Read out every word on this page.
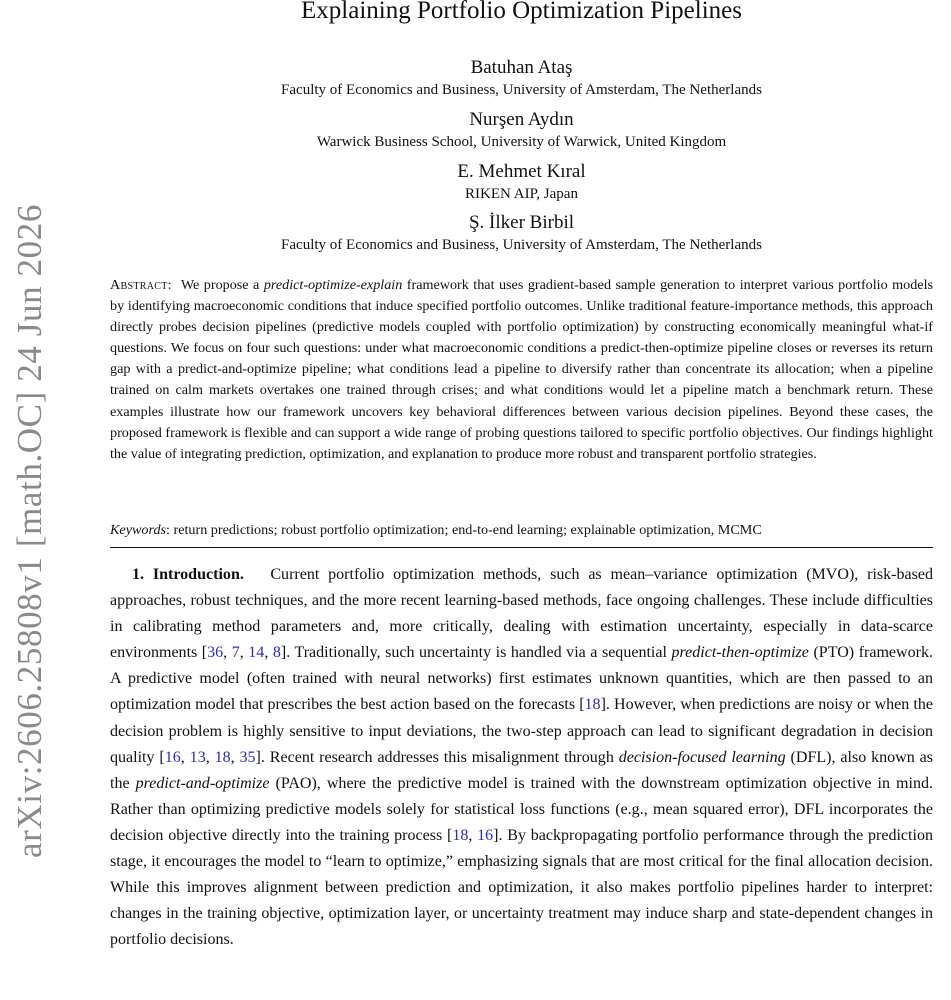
arXiv:2606.25808v1 [math.OC] 24 Jun 2026
Explaining Portfolio Optimization Pipelines
Batuhan Ataş
Faculty of Economics and Business, University of Amsterdam, The Netherlands
Nurşen Aydın
Warwick Business School, University of Warwick, United Kingdom
E. Mehmet Kıral
RIKEN AIP, Japan
Ş. İlker Birbil
Faculty of Economics and Business, University of Amsterdam, The Netherlands
Abstract: We propose a predict-optimize-explain framework that uses gradient-based sample generation to interpret various portfolio models by identifying macroeconomic conditions that induce specified portfolio outcomes. Unlike traditional feature-importance methods, this approach directly probes decision pipelines (predictive models coupled with portfolio optimization) by constructing economically meaningful what-if questions. We focus on four such questions: under what macroeconomic conditions a predict-then-optimize pipeline closes or reverses its return gap with a predict-and-optimize pipeline; what conditions lead a pipeline to diversify rather than concentrate its allocation; when a pipeline trained on calm markets overtakes one trained through crises; and what conditions would let a pipeline match a benchmark return. These examples illustrate how our framework uncovers key behavioral differences between various decision pipelines. Beyond these cases, the proposed framework is flexible and can support a wide range of probing questions tailored to specific portfolio objectives. Our findings highlight the value of integrating prediction, optimization, and explanation to produce more robust and transparent portfolio strategies.
Keywords: return predictions; robust portfolio optimization; end-to-end learning; explainable optimization, MCMC
1. Introduction. Current portfolio optimization methods, such as mean–variance optimization (MVO), risk-based approaches, robust techniques, and the more recent learning-based methods, face ongoing challenges. These include difficulties in calibrating method parameters and, more critically, dealing with estimation uncertainty, especially in data-scarce environments [36, 7, 14, 8]. Traditionally, such uncertainty is handled via a sequential predict-then-optimize (PTO) framework. A predictive model (often trained with neural networks) first estimates unknown quantities, which are then passed to an optimization model that prescribes the best action based on the forecasts [18]. However, when predictions are noisy or when the decision problem is highly sensitive to input deviations, the two-step approach can lead to significant degradation in decision quality [16, 13, 18, 35]. Recent research addresses this misalignment through decision-focused learning (DFL), also known as the predict-and-optimize (PAO), where the predictive model is trained with the downstream optimization objective in mind. Rather than optimizing predictive models solely for statistical loss functions (e.g., mean squared error), DFL incorporates the decision objective directly into the training process [18, 16]. By backpropagating portfolio performance through the prediction stage, it encourages the model to “learn to optimize,” emphasizing signals that are most critical for the final allocation decision. While this improves alignment between prediction and optimization, it also makes portfolio pipelines harder to interpret: changes in the training objective, optimization layer, or uncertainty treatment may induce sharp and state-dependent changes in portfolio decisions.
